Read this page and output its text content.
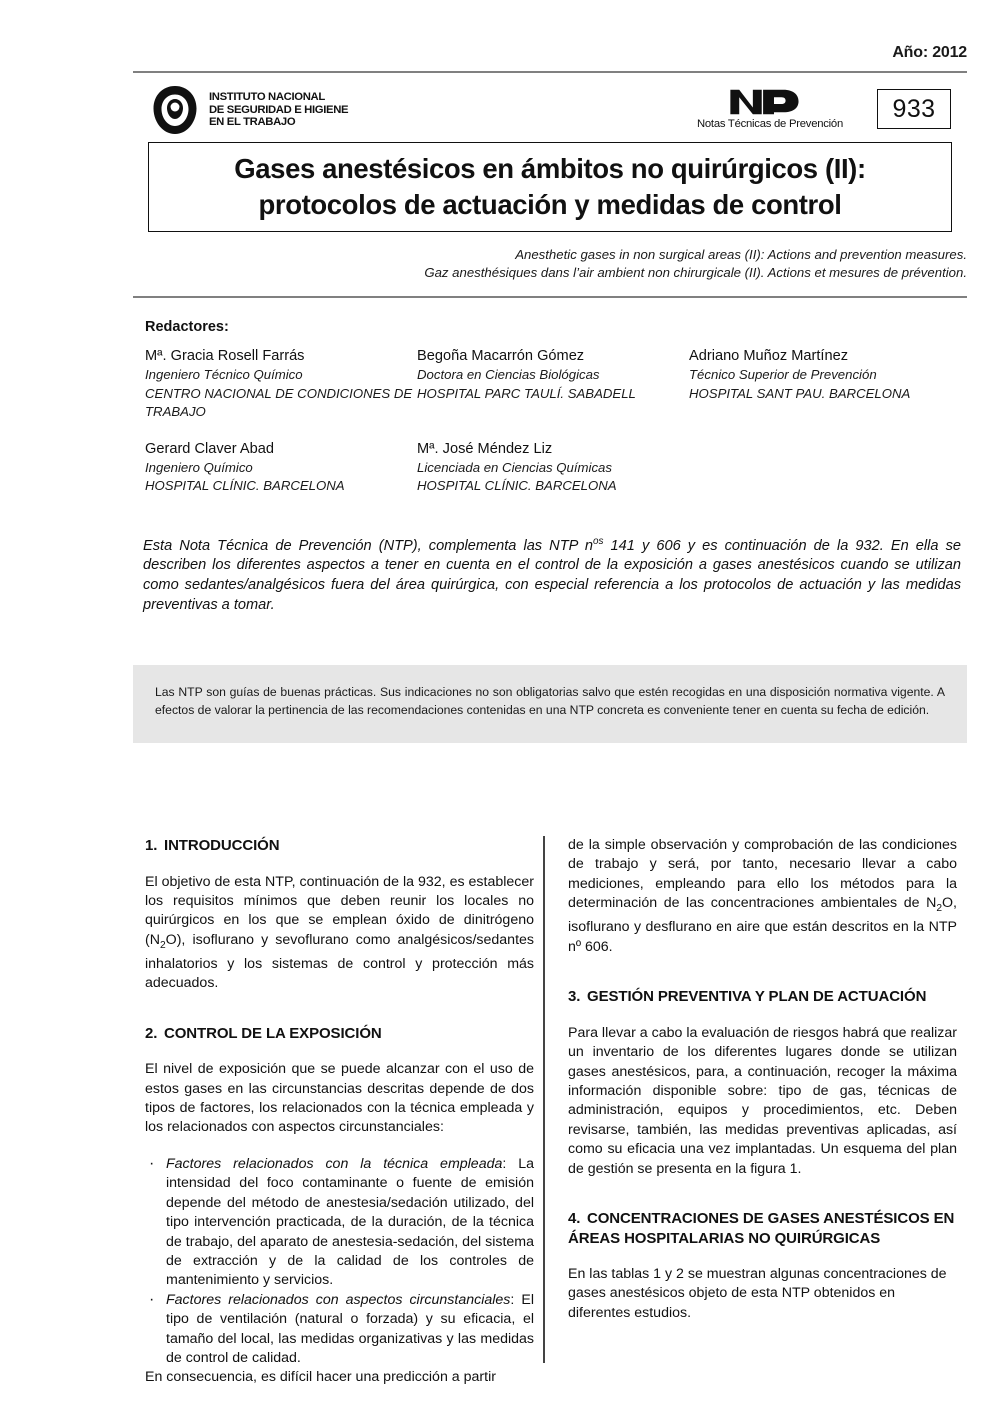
Año: 2012
INSTITUTO NACIONAL
DE SEGURIDAD E HIGIENE
EN EL TRABAJO	Notas Técnicas de Prevención
933
Gases anestésicos en ámbitos no quirúrgicos (II):
protocolos de actuación y medidas de control
Anesthetic gases in non surgical areas (II): Actions and prevention measures.
Gaz anesthésiques dans l’air ambient non chirurgicale (II). Actions et mesures de prévention.
Redactores:
Mª. Gracia Rosell Farrás
Ingeniero Técnico Químico
CENTRO NACIONAL DE CONDICIONES DE TRABAJO
Begoña Macarrón Gómez
Doctora en Ciencias Biológicas
HOSPITAL PARC TAULÍ. SABADELL
Adriano Muñoz Martínez
Técnico Superior de Prevención
HOSPITAL SANT PAU. BARCELONA
Gerard Claver Abad
Ingeniero Químico
HOSPITAL CLÍNIC. BARCELONA
Mª. José Méndez Liz
Licenciada en Ciencias Químicas
HOSPITAL CLÍNIC. BARCELONA
Esta Nota Técnica de Prevención (NTP), complementa las NTP $n^{os}$ 141 y 606 y es continuación de la 932. En ella se describen los diferentes aspectos a tener en cuenta en el control de la exposición a gases anestésicos cuando se utilizan como sedantes/analgésicos fuera del área quirúrgica, con especial referencia a los protocolos de actuación y las medidas preventivas a tomar.

Las NTP son guías de buenas prácticas. Sus indicaciones no son obligatorias salvo que estén recogidas en una disposición normativa vigente. A efectos de valorar la pertinencia de las recomendaciones contenidas en una NTP concreta es conveniente tener en cuenta su fecha de edición.

1. INTRODUCCIÓN

El objetivo de esta NTP, continuación de la 932, es establecer los requisitos mínimos que deben reunir los locales no quirúrgicos en los que se emplean óxido de dinitrógeno $(N_2O)$, isoflurano y sevoflurano como analgésicos/sedantes inhalatorios y los sistemas de control y protección más adecuados.

2. CONTROL DE LA EXPOSICIÓN

El nivel de exposición que se puede alcanzar con el uso de estos gases en las circunstancias descritas depende de dos tipos de factores, los relacionados con la técnica empleada y los relacionados con aspectos circunstanciales:

· Factores relacionados con la técnica empleada: La intensidad del foco contaminante o fuente de emisión depende del método de anestesia/sedación utilizado, del tipo intervención practicada, de la duración, de la técnica de trabajo, del aparato de anestesia-sedación, del sistema de extracción y de la calidad de los controles de mantenimiento y servicios.
· Factores relacionados con aspectos circunstanciales: El tipo de ventilación (natural o forzada) y su eficacia, el tamaño del local, las medidas organizativas y las medidas de control de calidad.

En consecuencia, es difícil hacer una predicción a partir

de la simple observación y comprobación de las condiciones de trabajo y será, por tanto, necesario llevar a cabo mediciones, empleando para ello los métodos para la determinación de las concentraciones ambientales de $N_2O$, isoflurano y desflurano en aire que están descritos en la NTP nº 606.

3. GESTIÓN PREVENTIVA Y PLAN DE ACTUACIÓN

Para llevar a cabo la evaluación de riesgos habrá que realizar un inventario de los diferentes lugares donde se utilizan gases anestésicos, para, a continuación, recoger la máxima información disponible sobre: tipo de gas, técnicas de administración, equipos y procedimientos, etc. Deben revisarse, también, las medidas preventivas aplicadas, así como su eficacia una vez implantadas. Un esquema del plan de gestión se presenta en la figura 1.

4. CONCENTRACIONES DE GASES ANESTÉSICOS EN ÁREAS HOSPITALARIAS NO QUIRÚRGICAS

En las tablas 1 y 2 se muestran algunas concentraciones de gases anestésicos objeto de esta NTP obtenidos en diferentes estudios.
